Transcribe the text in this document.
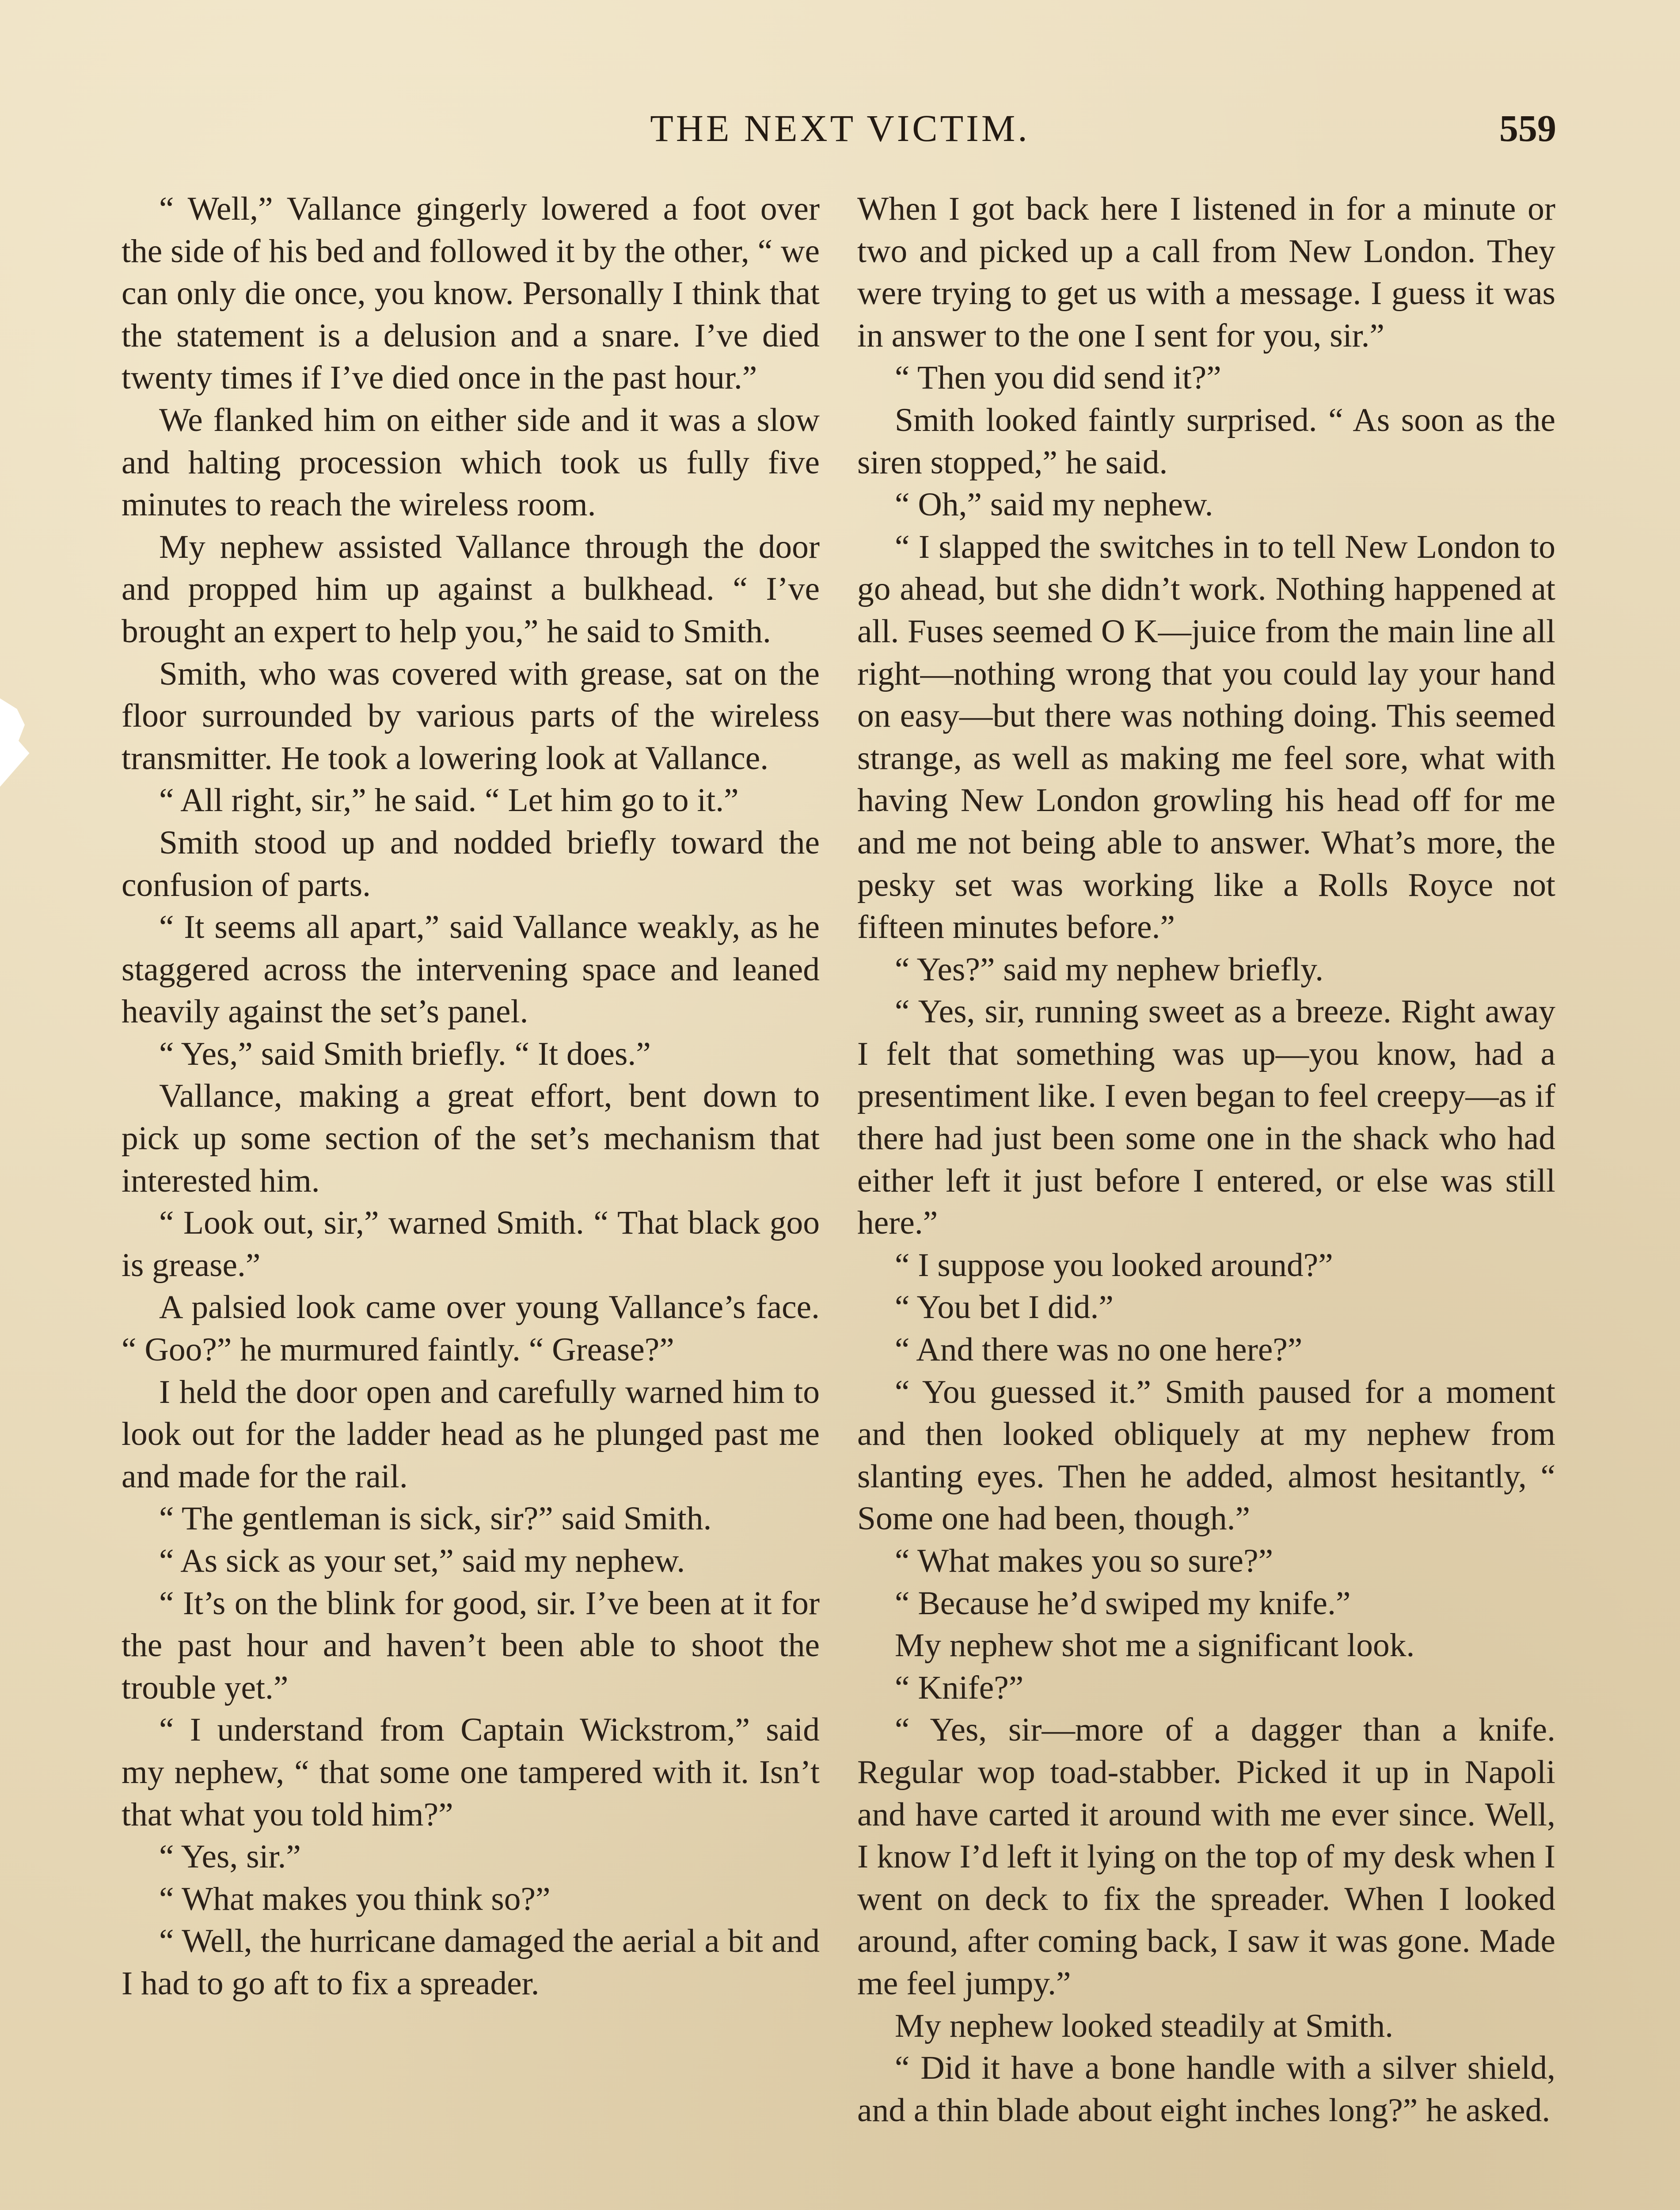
THE NEXT VICTIM.	559

“ Well,” Vallance gingerly lowered a foot over the side of his bed and followed it by the other, “ we can only die once, you know. Personally I think that the statement is a delusion and a snare. I’ve died twenty times if I’ve died once in the past hour.”

We flanked him on either side and it was a slow and halting procession which took us fully five minutes to reach the wireless room.

My nephew assisted Vallance through the door and propped him up against a bulkhead. “ I’ve brought an expert to help you,” he said to Smith.

Smith, who was covered with grease, sat on the floor surrounded by various parts of the wireless transmitter. He took a lowering look at Vallance.

“ All right, sir,” he said. “ Let him go to it.”

Smith stood up and nodded briefly toward the confusion of parts.

“ It seems all apart,” said Vallance weakly, as he staggered across the intervening space and leaned heavily against the set’s panel.

“ Yes,” said Smith briefly. “ It does.”

Vallance, making a great effort, bent down to pick up some section of the set’s mechanism that interested him.

“ Look out, sir,” warned Smith. “ That black goo is grease.”

A palsied look came over young Vallance’s face. “ Goo?” he murmured faintly. “ Grease?”

I held the door open and carefully warned him to look out for the ladder head as he plunged past me and made for the rail.

“ The gentleman is sick, sir?” said Smith.

“ As sick as your set,” said my nephew.

“ It’s on the blink for good, sir. I’ve been at it for the past hour and haven’t been able to shoot the trouble yet.”

“ I understand from Captain Wickstrom,” said my nephew, “ that some one tampered with it. Isn’t that what you told him?”

“ Yes, sir.”

“ What makes you think so?”

“ Well, the hurricane damaged the aerial a bit and I had to go aft to fix a spreader.

When I got back here I listened in for a minute or two and picked up a call from New London. They were trying to get us with a message. I guess it was in answer to the one I sent for you, sir.”

“ Then you did send it?”

Smith looked faintly surprised. “ As soon as the siren stopped,” he said.

“ Oh,” said my nephew.

“ I slapped the switches in to tell New London to go ahead, but she didn’t work. Nothing happened at all. Fuses seemed O K—juice from the main line all right—nothing wrong that you could lay your hand on easy—but there was nothing doing. This seemed strange, as well as making me feel sore, what with having New London growling his head off for me and me not being able to answer. What’s more, the pesky set was working like a Rolls Royce not fifteen minutes before.”

“ Yes?” said my nephew briefly.

“ Yes, sir, running sweet as a breeze. Right away I felt that something was up—you know, had a presentiment like. I even began to feel creepy—as if there had just been some one in the shack who had either left it just before I entered, or else was still here.”

“ I suppose you looked around?”

“ You bet I did.”

“ And there was no one here?”

“ You guessed it.” Smith paused for a moment and then looked obliquely at my nephew from slanting eyes. Then he added, almost hesitantly, “ Some one had been, though.”

“ What makes you so sure?”

“ Because he’d swiped my knife.”

My nephew shot me a significant look.

“ Knife?”

“ Yes, sir—more of a dagger than a knife. Regular wop toad-stabber. Picked it up in Napoli and have carted it around with me ever since. Well, I know I’d left it lying on the top of my desk when I went on deck to fix the spreader. When I looked around, after coming back, I saw it was gone. Made me feel jumpy.”

My nephew looked steadily at Smith.

“ Did it have a bone handle with a silver shield, and a thin blade about eight inches long?” he asked.
